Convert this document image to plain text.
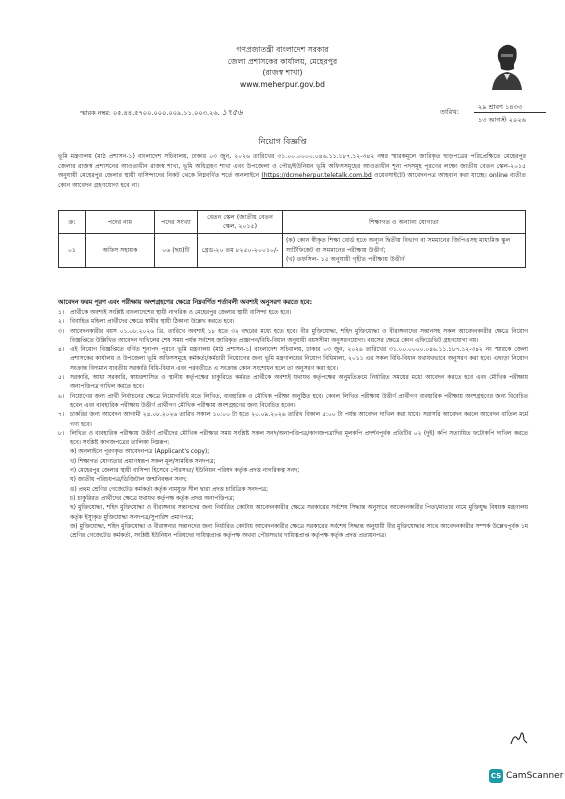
গণপ্রজাতন্ত্রী বাংলাদেশ সরকার
জেলা প্রশাসকের কার্যালয়, মেহেরপুর
(রাজস্ব শাখা)
www.meherpur.gov.bd
স্মারক নম্বর: ০৫.৪৪.৫৭০০.০০০.০০৯.১১.০০৩.২৬. ১৭৫৬	তারিখ:
২৯ শ্রাবণ ১৪৩৩
১৩ আগস্ট ২০২৬
নিয়োগ বিজ্ঞপ্তি
ভূমি মন্ত্রণালয় (মাঠ প্রশাসন-১) বাংলাদেশ সচিবালয়, ঢাকার ০৩ জুন, ২০২৬ তারিখের ৩১.০০.০০০০.০৪৬.১১.১৮৭.১২-৩৪২ নম্বর স্মারকমূলে জারিকৃত ছাড়পত্রের পরিপ্রেক্ষিতে মেহেরপুর জেলার রাজস্ব প্রশাসনের আওতাধীন রাজস্ব শাখা, ভূমি অধিগ্রহণ শাখা এবং উপজেলা ও পৌর/ইউনিয়ন ভূমি অফিসসমূহের আওতাধীন শূন্য পদসমূহ পূরণের লক্ষ্যে জাতীয় বেতন স্কেল-২০১৫ অনুযায়ী মেহেরপুর জেলার স্থায়ী বাসিন্দাদের নিকট থেকে নিম্নবর্ণিত শর্তে অনলাইনে (https://dcmeherpur.teletalk.com.bd ওয়েবসাইটে) আবেদনপত্র আহবান করা যাচ্ছে। online ব্যতীত কোন আবেদন গ্রহণযোগ্য হবে না।
ক্র:	পদের নাম	পদের সংখ্যা	বেতন স্কেল (জাতীয় বেতন স্কেল, ২০১৫)	শিক্ষাগত ও অন্যান্য যোগ্যতা
০১	অফিস সহায়ক	০৬ (ছয়)টি	গ্রেড-২০ তম ৮২৫০-২০০১০/-	(ক) কোন স্বীকৃত শিক্ষা বোর্ড হতে অন্যূন দ্বিতীয় বিভাগ বা সমমানের জিপিএসহ মাধ্যমিক স্কুল সার্টিফিকেট বা সমমানের পরীক্ষায় উত্তীর্ণ;
(খ) তফসিল- ১৫ অনুযায়ী গৃহীত পরীক্ষায় উত্তীর্ণ
আবেদন ফরম পূরণ এবং পরীক্ষায় অংশগ্রহণের ক্ষেত্রে নিম্নবর্ণিত শর্তাবলী অবশ্যই অনুসরণ করতে হবে:
১।	প্রার্থীকে অবশ্যই সংশ্লিষ্ট বাংলাদেশের স্থায়ী নাগরিক ও মেহেরপুর জেলার স্থায়ী বাসিন্দা হতে হবে।
২।	বিবাহিত মহিলা প্রার্থীদের ক্ষেত্রে স্বামীর স্থায়ী ঠিকানা উল্লেখ করতে হবে।
৩।	আবেদনকারীর বয়স ০১.০৮.২০২৬ খ্রি. তারিখে অবশ্যই ১৮ হতে ৩২ বছরের মধ্যে হতে হবে। বীর মুক্তিযোদ্ধা, শহিদ মুক্তিযোদ্ধা ও বীরাঙ্গনাদের সন্তানসহ সকল আবেদনকারীর ক্ষেত্রে নিয়োগ বিজ্ঞপ্তিতে উল্লিখিত আবেদন দাখিলের শেষ সময় পর্যন্ত সর্বশেষ জারিকৃত প্রজ্ঞাপন/বিধি-বিধান অনুযায়ী বয়সসীমা অনুসরণযোগ্য। বয়সের ক্ষেত্রে কোন এফিডেভিট গ্রহণযোগ্য নয়।
৪।	এই নিয়োগ বিজ্ঞপ্তিতে বর্ণিত শূন্যপদ পূরণে ভূমি মন্ত্রণালয় (মাঠ প্রশাসন-১) বাংলাদেশ সচিবালয়, ঢাকার ০৩ জুন, ২০২৬ তারিখের ৩১.০০.০০০০.০৪৬.১১.১৮৭.১২-৩৪২ নং স্মারকে জেলা প্রশাসকের কার্যালয় ও উপজেলা ভূমি অফিসসমূহে কর্মকর্তা/কর্মচারী নিয়োগের জন্য ভূমি মন্ত্রণালয়ের নিয়োগ বিধিমালা, ২০১১ এর সকল বিধি-বিধান যথাযথভাবে অনুসরণ করা হবে। এছাড়া নিয়োগ সংক্রান্ত বিদ্যমান যাবতীয় সরকারি বিধি-বিধান এবং পরবর্তীতে এ সংক্রান্ত কোন সংশোধন হলে তা অনুসরণ করা হবে।
৫।	সরকারি, আধা সরকারি, স্বায়ত্তশাসিত ও স্থানীয় কর্তৃপক্ষের চাকুরিতে কর্মরত প্রার্থীকে অবশ্যই যথাযথ কর্তৃপক্ষের অনুমতিক্রমে নির্ধারিত সময়ের মধ্যে আবেদন করতে হবে এবং মৌখিক পরীক্ষায় অনাপত্তিপত্র দাখিল করতে হবে।
৬।	নিয়োগের জন্য প্রার্থী নির্বাচনের ক্ষেত্রে নিয়োগবিধি মতে লিখিত, ব্যবহারিক ও মৌখিক পরীক্ষা অনুষ্ঠিত হবে। কেবল লিখিত পরীক্ষায় উত্তীর্ণ প্রার্থীগণ ব্যবহারিক পরীক্ষায় অংশগ্রহণের জন্য বিবেচিত হবেন এবং ব্যবহারিক পরীক্ষায় উত্তীর্ণ প্রার্থীগণ মৌখিক পরীক্ষায় অংশগ্রহণের জন্য বিবেচিত হবেন।
৭।	চাকরির জন্য আবেদন আগামী ২৪.০৮.২০২৬ তারিখ সকাল ১০:০০ টা হতে ২০.০৯.২০২৬ তারিখ বিকাল ৫:০০ টা পর্যন্ত আবেদন দাখিল করা যাবে। সরাসরি আবেদন করলে আবেদন বাতিল মর্মে গণ্য হবে।
৮।	লিখিত ও ব্যবহারিক পরীক্ষায় উত্তীর্ণ প্রার্থীদের মৌখিক পরীক্ষার সময় সংশ্লিষ্ট সকল সনদ/অনাপত্তিপত্র/কাগজপত্রাদির মূলকপি প্রদর্শনপূর্বক প্রতিটির ০২ (দুই) কপি সত্যায়িত ফটোকপি দাখিল করতে হবে। সংশ্লিষ্ট কাগজপত্রের তালিকা নিম্নরূপ:
ক) অনলাইনে পূরণকৃত আবেদনপত্র (Applicant's copy);
খ) শিক্ষাগত যোগ্যতার প্রমাণস্বরূপ সকল মূল/সাময়িক সনদপত্র;
গ) মেহেরপুর জেলার স্থায়ী বাসিন্দা হিসেবে পৌরসভা/ ইউনিয়ন পরিষদ কর্তৃক প্রদত্ত নাগরিকত্ব সনদ;
ঘ) জাতীয় পরিচয়পত্র/ডিজিটাল জন্মনিবন্ধন সনদ;
ঙ) প্রথম শ্রেণির গেজেটেড কর্মকর্তা কর্তৃক নামযুক্ত সীল দ্বারা প্রদত্ত চারিত্রিক সনদপত্র;
চ) চাকুরিরত প্রার্থীদের ক্ষেত্রে যথাযথ কর্তৃপক্ষ কর্তৃক প্রদত্ত অনাপত্তিপত্র;
ছ) মুক্তিযোদ্ধা, শহিদ মুক্তিযোদ্ধা ও বীরাঙ্গনার সন্তানদের জন্য নির্ধারিত কোটায় আবেদনকারীর ক্ষেত্রে সরকারের সর্বশেষ সিদ্ধান্ত অনুসারে আবেদনকারীর পিতা/মাতার নামে মুক্তিযুদ্ধ বিষয়ক মন্ত্রণালয় কর্তৃক ইস্যুকৃত মুক্তিযোদ্ধা সনদপত্র/সুপারিশ প্রমাণপত্র;
জ) মুক্তিযোদ্ধা, শহিদ মুক্তিযোদ্ধা ও বীরাঙ্গনার সন্তানদের জন্য নির্ধারিত কোটায় আবেদনকারীর ক্ষেত্রে সরকারের সর্বশেষ সিদ্ধান্ত অনুযায়ী বীর মুক্তিযোদ্ধার সাথে আবেদনকারীর সম্পর্ক উল্লেখপূর্বক ১ম শ্রেণির গেজেটেড কর্মকর্তা, সংশ্লিষ্ট ইউনিয়ন পরিষদের দায়িত্বপ্রাপ্ত কর্তৃপক্ষ অথবা পৌরসভার দায়িত্বপ্রাপ্ত কর্তৃপক্ষ কর্তৃক প্রদত্ত প্রত্যয়নপত্র।
CS CamScanner
